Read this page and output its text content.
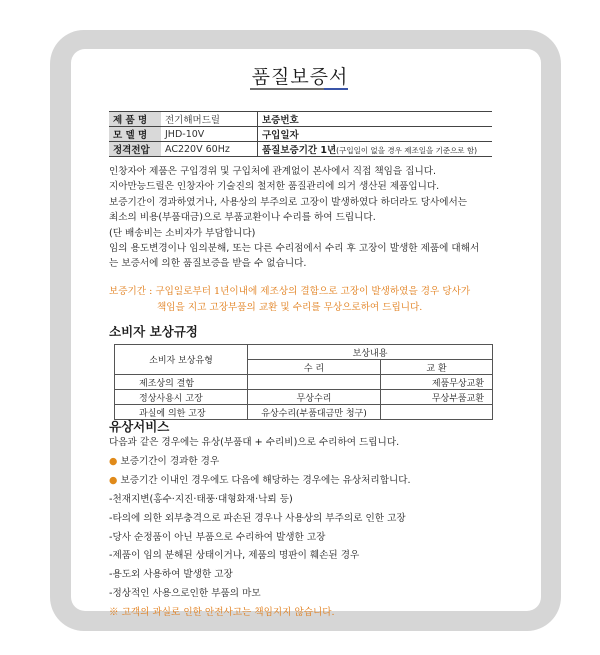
품질보증서
제 품 명	전기해머드릴	보증번호
모 델 명	JHD-10V	구입일자
정격전압	AC220V 60Hz	품질보증기간 1년(구입일이 없을 경우 제조일을 기준으로 함)

인창자아 제품은 구입경위 및 구입처에 관계없이 본사에서 직접 책임을 집니다.

지아만능드릴은 인창자아 기술진의 철저한 품질관리에 의거 생산된 제품입니다.

보증기간이 경과하였거나, 사용상의 부주의로 고장이 발생하였다 하더라도 당사에서는

최소의 비용(부품대금)으로 부품교환이나 수리를 하여 드립니다.

(단 배송비는 소비자가 부담합니다)

임의 용도변경이나 임의분해, 또는 다른 수리점에서 수리 후 고장이 발생한 제품에 대해서

는 보증서에 의한 품질보증을 받을 수 없습니다.

보증기간 : 구입일로부터 1년이내에 제조상의 결함으로 고장이 발생하였을 경우 당사가
책임을 지고 고장부품의 교환 및 수리를 무상으로하여 드립니다.
소비자 보상규정
소비자 보상유형	보상내용	
	수 리	교 환
제조상의 결함		제품무상교환
정상사용시 고장	무상수리	무상부품교환
과실에 의한 고장	유상수리(부품대금만 청구)	
유상서비스
다음과 같은 경우에는 유상(부품대 + 수리비)으로 수리하여 드립니다.
● 보증기간이 경과한 경우
● 보증기간 이내인 경우에도 다음에 해당하는 경우에는 유상처리합니다.
-천재지변(홍수·지진·태풍·대형화재·낙뢰 등)
-타의에 의한 외부충격으로 파손된 경우나 사용상의 부주의로 인한 고장
-당사 순정품이 아닌 부품으로 수리하여 발생한 고장
-제품이 임의 분해된 상태이거나, 제품의 명판이 훼손된 경우
-용도외 사용하여 발생한 고장
-정상적인 사용으로인한 부품의 마모
※ 고객의 과실로 인한 안전사고는 책임지지 않습니다.
